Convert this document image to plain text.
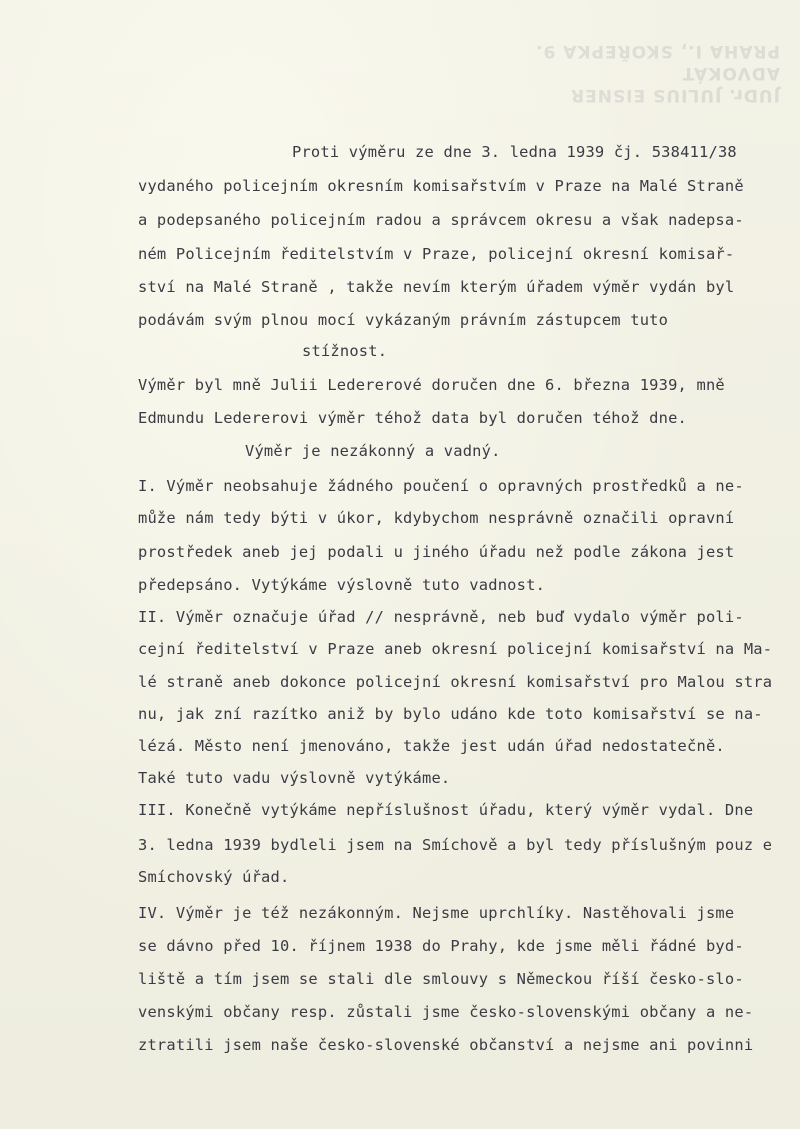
JUDr. JULIUS EISNER
ADVOKÁT
PRAHA I., SKOŘEPKA 9.
Proti výměru ze dne 3. ledna 1939 čj. 538411/38
vydaného policejním okresním komisařstvím v Praze na Malé Straně
a podepsaného policejním radou a správcem okresu a však nadepsa-
ném Policejním ředitelstvím v Praze, policejní okresní komisař-
ství na Malé Straně , takže nevím kterým úřadem výměr vydán byl
podávám svým plnou mocí vykázaným právním zástupcem tuto
stížnost.
Výměr byl mně Julii Ledererové doručen dne 6. března 1939, mně
Edmundu Ledererovi výměr téhož data byl doručen téhož dne.
Výměr je nezákonný a vadný.
I. Výměr neobsahuje žádného poučení o opravných prostředků a ne-
může nám tedy býti v úkor, kdybychom nesprávně označili opravní
prostředek aneb jej podali u jiného úřadu než podle zákona jest
předepsáno. Vytýkáme výslovně tuto vadnost.
II. Výměr označuje úřad // nesprávně, neb buď vydalo výměr poli-
cejní ředitelství v Praze aneb okresní policejní komisařství na Ma-
lé straně aneb dokonce policejní okresní komisařství pro Malou stra
nu, jak zní razítko aniž by bylo udáno kde toto komisařství se na-
lézá. Město není jmenováno, takže jest udán úřad nedostatečně.
Také tuto vadu výslovně vytýkáme.
III. Konečně vytýkáme nepříslušnost úřadu, který výměr vydal. Dne
3. ledna 1939 bydleli jsem na Smíchově a byl tedy příslušným pouz e
Smíchovský úřad.
IV. Výměr je též nezákonným. Nejsme uprchlíky. Nastěhovali jsme
se dávno před 10. říjnem 1938 do Prahy, kde jsme měli řádné byd-
liště a tím jsem se stali dle smlouvy s Německou říší česko-slo-
venskými občany resp. zůstali jsme česko-slovenskými občany a ne-
ztratili jsem naše česko-slovenské občanství a nejsme ani povinni
